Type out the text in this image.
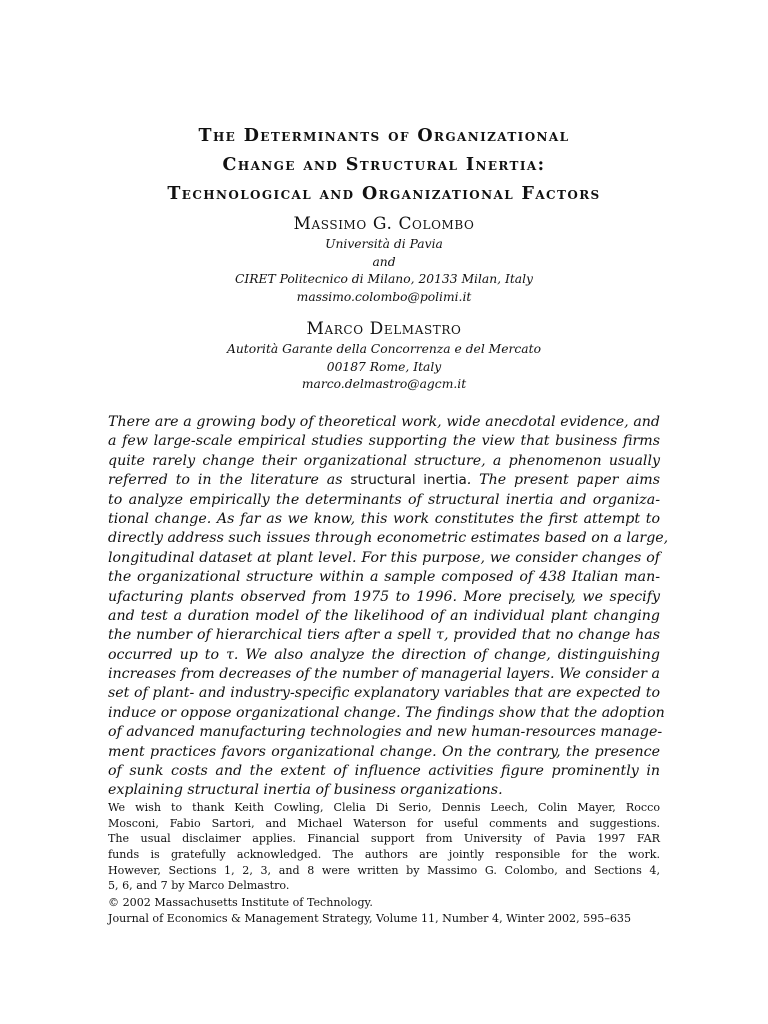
The Determinants of Organizational
Change and Structural Inertia:
Technological and Organizational Factors
Massimo G. Colombo
Università di Pavia
and
CIRET Politecnico di Milano, 20133 Milan, Italy
massimo.colombo@polimi.it
Marco Delmastro
Autorità Garante della Concorrenza e del Mercato
00187 Rome, Italy
marco.delmastro@agcm.it
There are a growing body of theoretical work, wide anecdotal evidence, and
a few large-scale empirical studies supporting the view that business firms
quite rarely change their organizational structure, a phenomenon usually
referred to in the literature as structural inertia. The present paper aims
to analyze empirically the determinants of structural inertia and organiza-
tional change. As far as we know, this work constitutes the first attempt to
directly address such issues through econometric estimates based on a large,
longitudinal dataset at plant level. For this purpose, we consider changes of
the organizational structure within a sample composed of 438 Italian man-
ufacturing plants observed from 1975 to 1996. More precisely, we specify
and test a duration model of the likelihood of an individual plant changing
the number of hierarchical tiers after a spell τ, provided that no change has
occurred up to τ. We also analyze the direction of change, distinguishing
increases from decreases of the number of managerial layers. We consider a
set of plant- and industry-specific explanatory variables that are expected to
induce or oppose organizational change. The findings show that the adoption
of advanced manufacturing technologies and new human-resources manage-
ment practices favors organizational change. On the contrary, the presence
of sunk costs and the extent of influence activities figure prominently in
explaining structural inertia of business organizations.
We wish to thank Keith Cowling, Clelia Di Serio, Dennis Leech, Colin Mayer, Rocco
Mosconi, Fabio Sartori, and Michael Waterson for useful comments and suggestions.
The usual disclaimer applies. Financial support from University of Pavia 1997 FAR
funds is gratefully acknowledged. The authors are jointly responsible for the work.
However, Sections 1, 2, 3, and 8 were written by Massimo G. Colombo, and Sections 4,
5, 6, and 7 by Marco Delmastro.
© 2002 Massachusetts Institute of Technology.
Journal of Economics & Management Strategy, Volume 11, Number 4, Winter 2002, 595–635
